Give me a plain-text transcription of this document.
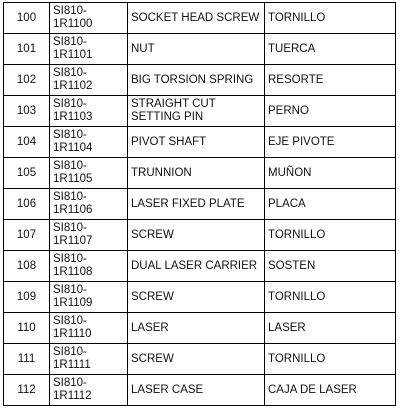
100	SI810-1R1100	SOCKET HEAD SCREW	TORNILLO
101	SI810-1R1101	NUT	TUERCA
102	SI810-1R1102	BIG TORSION SPRING	RESORTE
103	SI810-1R1103	STRAIGHT CUT SETTING PIN	PERNO
104	SI810-1R1104	PIVOT SHAFT	EJE PIVOTE
105	SI810-1R1105	TRUNNION	MUÑON
106	SI810-1R1106	LASER FIXED PLATE	PLACA
107	SI810-1R1107	SCREW	TORNILLO
108	SI810-1R1108	DUAL LASER CARRIER	SOSTEN
109	SI810-1R1109	SCREW	TORNILLO
110	SI810-1R1110	LASER	LASER
111	SI810-1R1111	SCREW	TORNILLO
112	SI810-1R1112	LASER CASE	CAJA DE LASER
